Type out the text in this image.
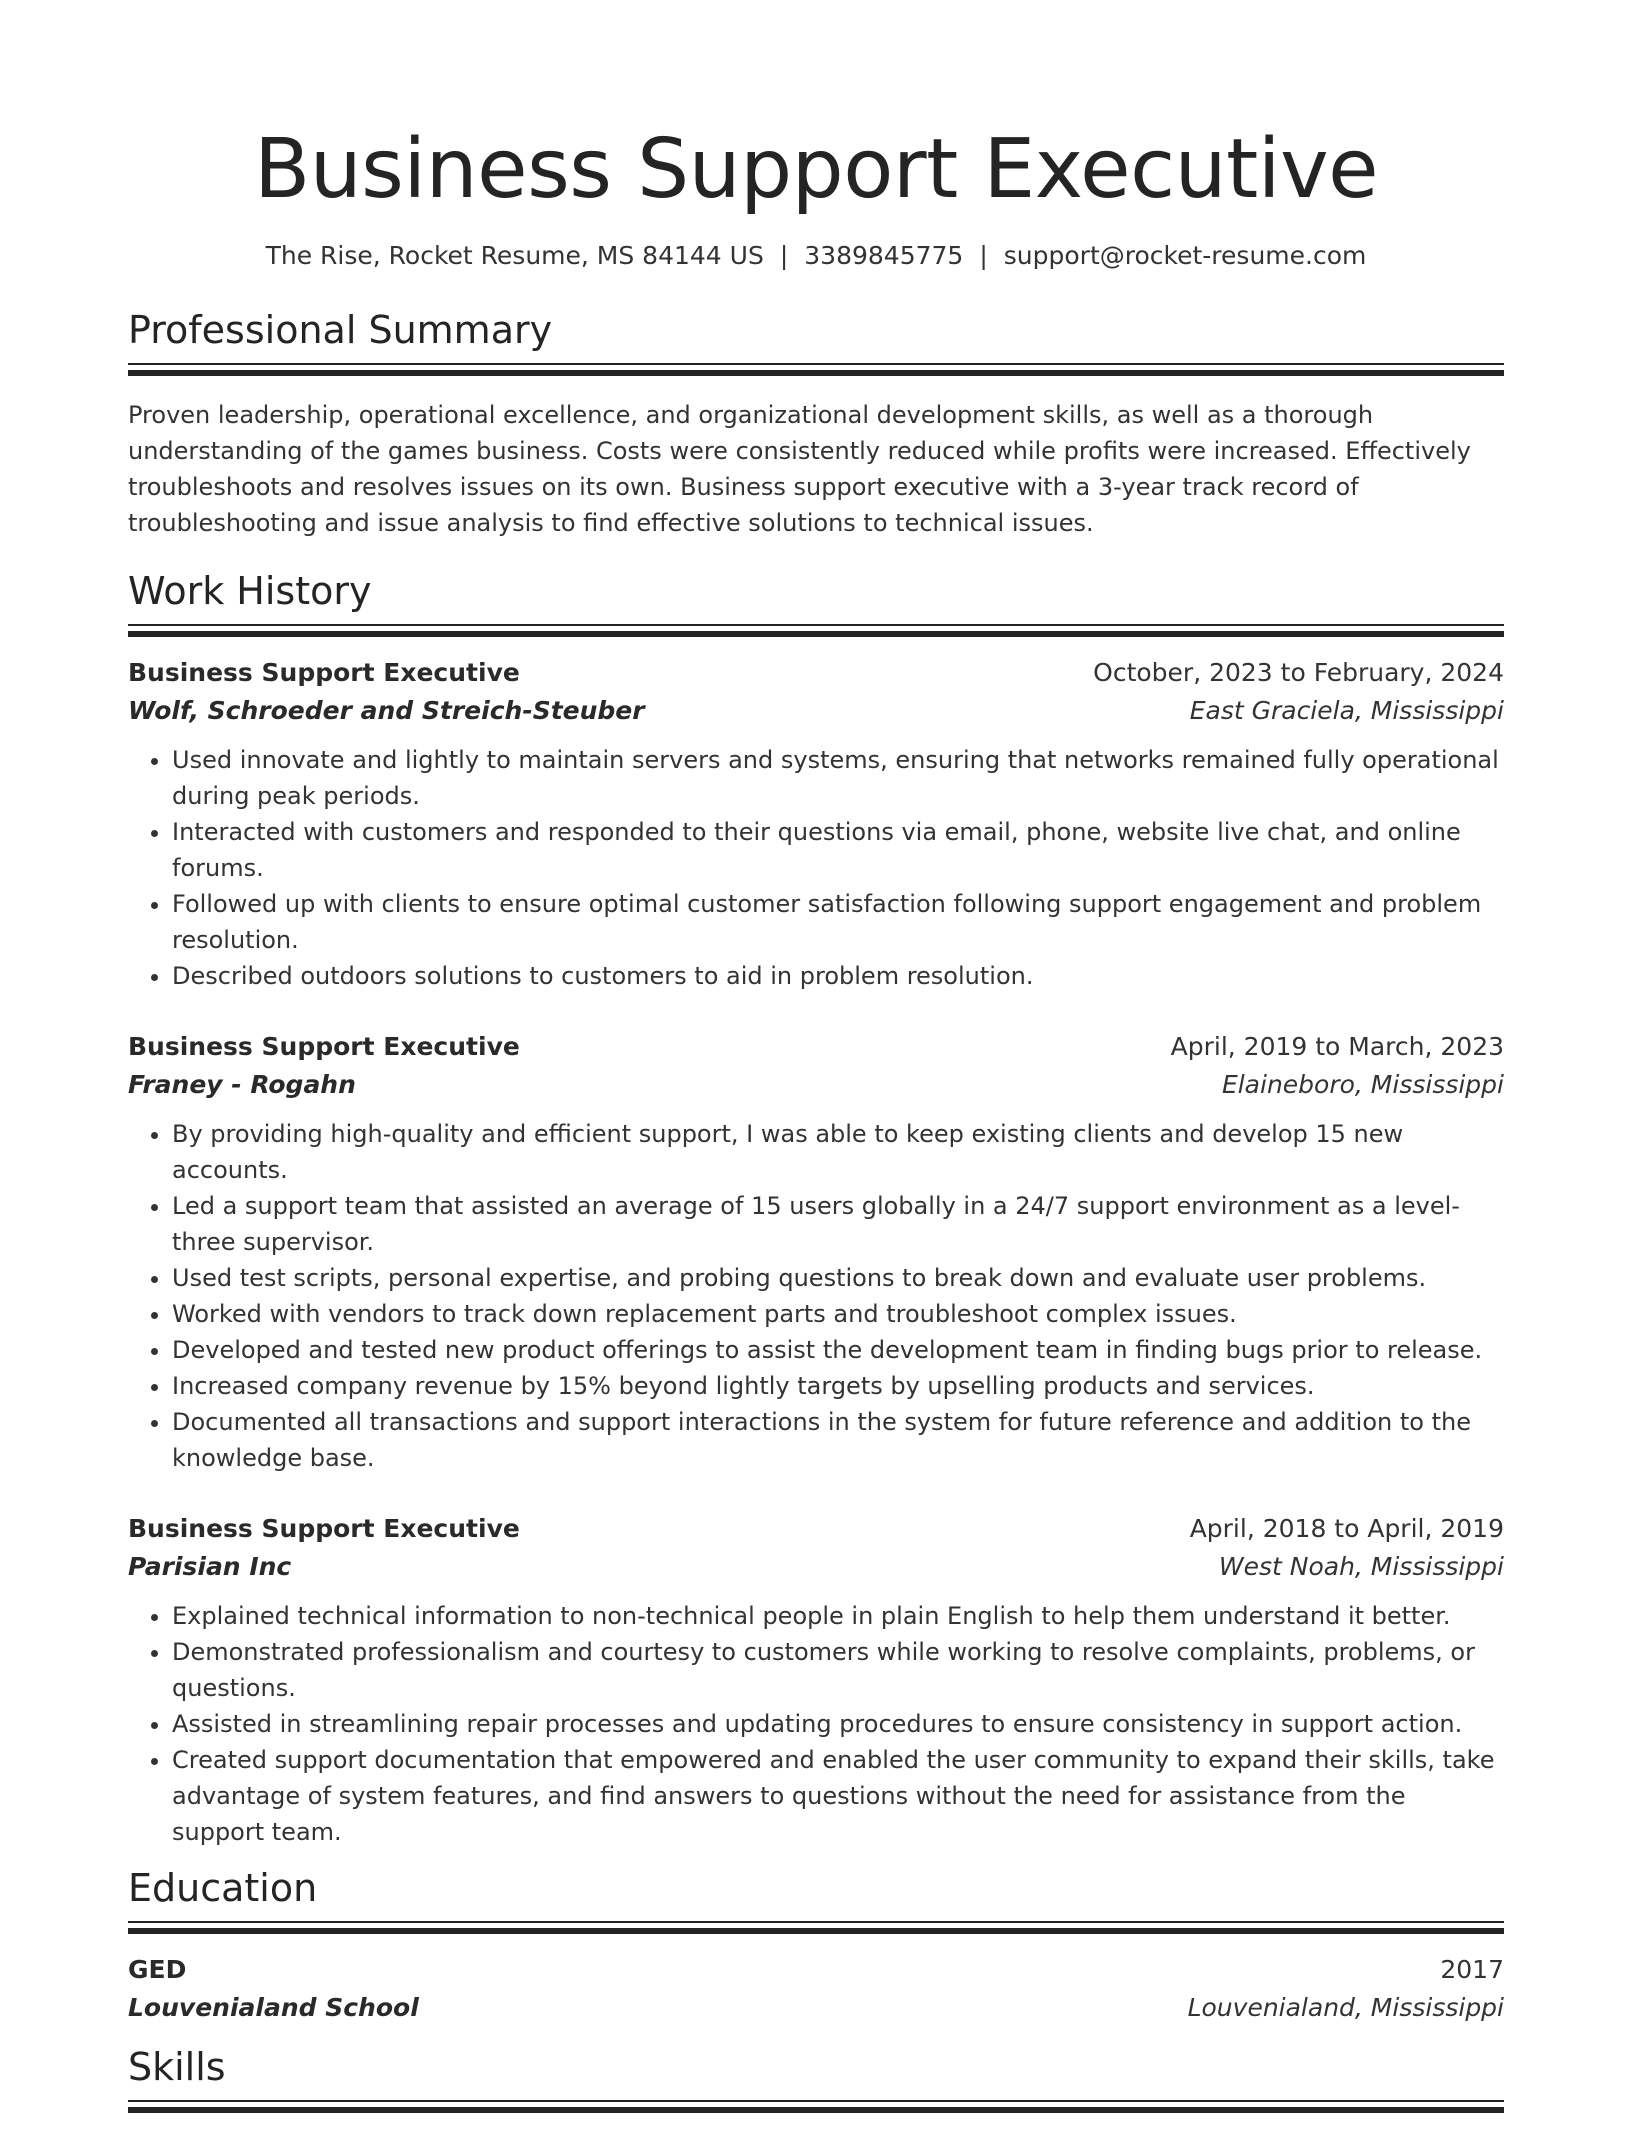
Business Support Executive
The Rise, Rocket Resume, MS 84144 US | 3389845775 | support@rocket-resume.com
Professional Summary

Proven leadership, operational excellence, and organizational development skills, as well as a thorough understanding of the games business. Costs were consistently reduced while profits were increased. Effectively troubleshoots and resolves issues on its own. Business support executive with a 3-year track record of troubleshooting and issue analysis to find effective solutions to technical issues.

Work History
Business Support Executive	October, 2023 to February, 2024
Wolf, Schroeder and Streich-Steuber	East Graciela, Mississippi
• Used innovate and lightly to maintain servers and systems, ensuring that networks remained fully operational during peak periods.
• Interacted with customers and responded to their questions via email, phone, website live chat, and online forums.
• Followed up with clients to ensure optimal customer satisfaction following support engagement and problem resolution.
• Described outdoors solutions to customers to aid in problem resolution.
Business Support Executive	April, 2019 to March, 2023
Franey - Rogahn	Elaineboro, Mississippi
• By providing high-quality and efficient support, I was able to keep existing clients and develop 15 new accounts.
• Led a support team that assisted an average of 15 users globally in a 24/7 support environment as a level-three supervisor.
• Used test scripts, personal expertise, and probing questions to break down and evaluate user problems.
• Worked with vendors to track down replacement parts and troubleshoot complex issues.
• Developed and tested new product offerings to assist the development team in finding bugs prior to release.
• Increased company revenue by 15% beyond lightly targets by upselling products and services.
• Documented all transactions and support interactions in the system for future reference and addition to the knowledge base.
Business Support Executive	April, 2018 to April, 2019
Parisian Inc	West Noah, Mississippi
• Explained technical information to non-technical people in plain English to help them understand it better.
• Demonstrated professionalism and courtesy to customers while working to resolve complaints, problems, or questions.
• Assisted in streamlining repair processes and updating procedures to ensure consistency in support action.
• Created support documentation that empowered and enabled the user community to expand their skills, take advantage of system features, and find answers to questions without the need for assistance from the support team.
Education
GED	2017
Louvenialand School	Louvenialand, Mississippi
Skills
